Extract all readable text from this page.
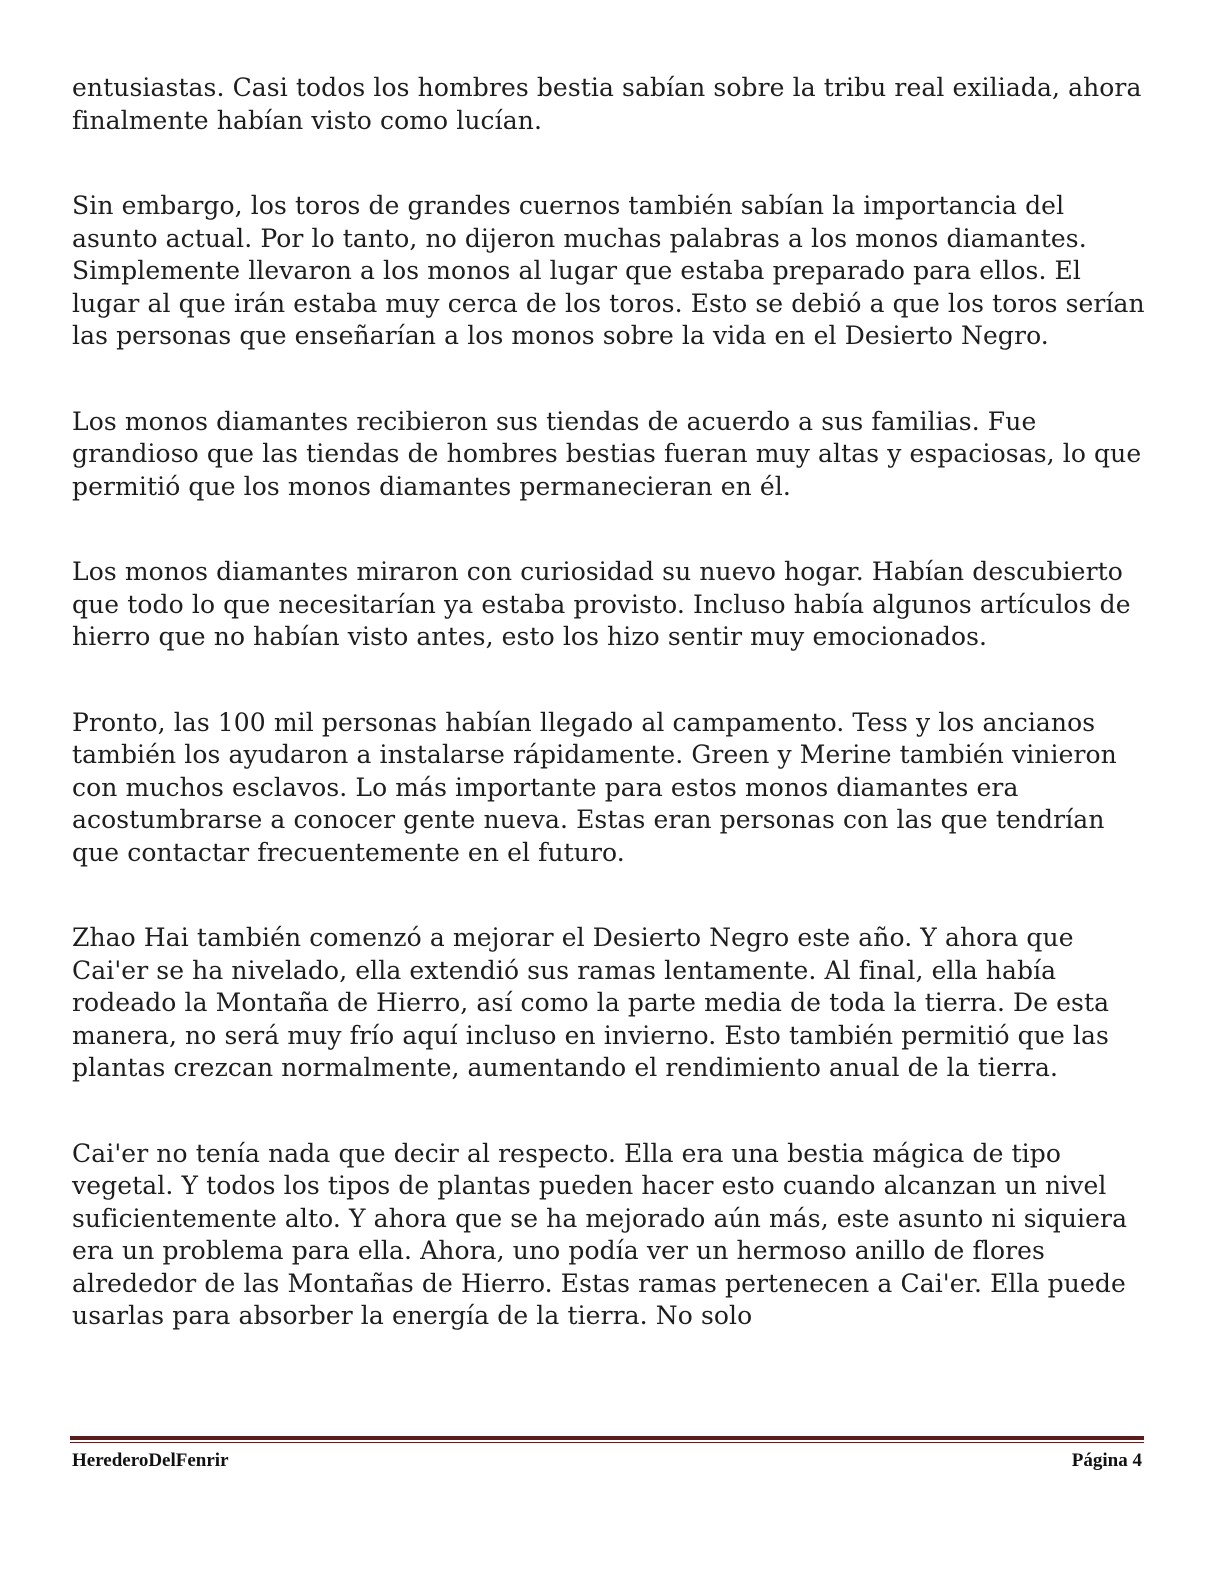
entusiastas. Casi todos los hombres bestia sabían sobre la tribu real exiliada, ahora finalmente habían visto como lucían.

Sin embargo, los toros de grandes cuernos también sabían la importancia del asunto actual. Por lo tanto, no dijeron muchas palabras a los monos diamantes. Simplemente llevaron a los monos al lugar que estaba preparado para ellos. El lugar al que irán estaba muy cerca de los toros. Esto se debió a que los toros serían las personas que enseñarían a los monos sobre la vida en el Desierto Negro.

Los monos diamantes recibieron sus tiendas de acuerdo a sus familias. Fue grandioso que las tiendas de hombres bestias fueran muy altas y espaciosas, lo que permitió que los monos diamantes permanecieran en él.

Los monos diamantes miraron con curiosidad su nuevo hogar. Habían descubierto que todo lo que necesitarían ya estaba provisto. Incluso había algunos artículos de hierro que no habían visto antes, esto los hizo sentir muy emocionados.

Pronto, las 100 mil personas habían llegado al campamento. Tess y los ancianos también los ayudaron a instalarse rápidamente. Green y Merine también vinieron con muchos esclavos. Lo más importante para estos monos diamantes era acostumbrarse a conocer gente nueva. Estas eran personas con las que tendrían que contactar frecuentemente en el futuro.

Zhao Hai también comenzó a mejorar el Desierto Negro este año. Y ahora que Cai'er se ha nivelado, ella extendió sus ramas lentamente. Al final, ella había rodeado la Montaña de Hierro, así como la parte media de toda la tierra. De esta manera, no será muy frío aquí incluso en invierno. Esto también permitió que las plantas crezcan normalmente, aumentando el rendimiento anual de la tierra.

Cai'er no tenía nada que decir al respecto. Ella era una bestia mágica de tipo vegetal. Y todos los tipos de plantas pueden hacer esto cuando alcanzan un nivel suficientemente alto. Y ahora que se ha mejorado aún más, este asunto ni siquiera era un problema para ella. Ahora, uno podía ver un hermoso anillo de flores alrededor de las Montañas de Hierro. Estas ramas pertenecen a Cai'er. Ella puede usarlas para absorber la energía de la tierra. No solo

HerederoDelFenrir	Página 4
